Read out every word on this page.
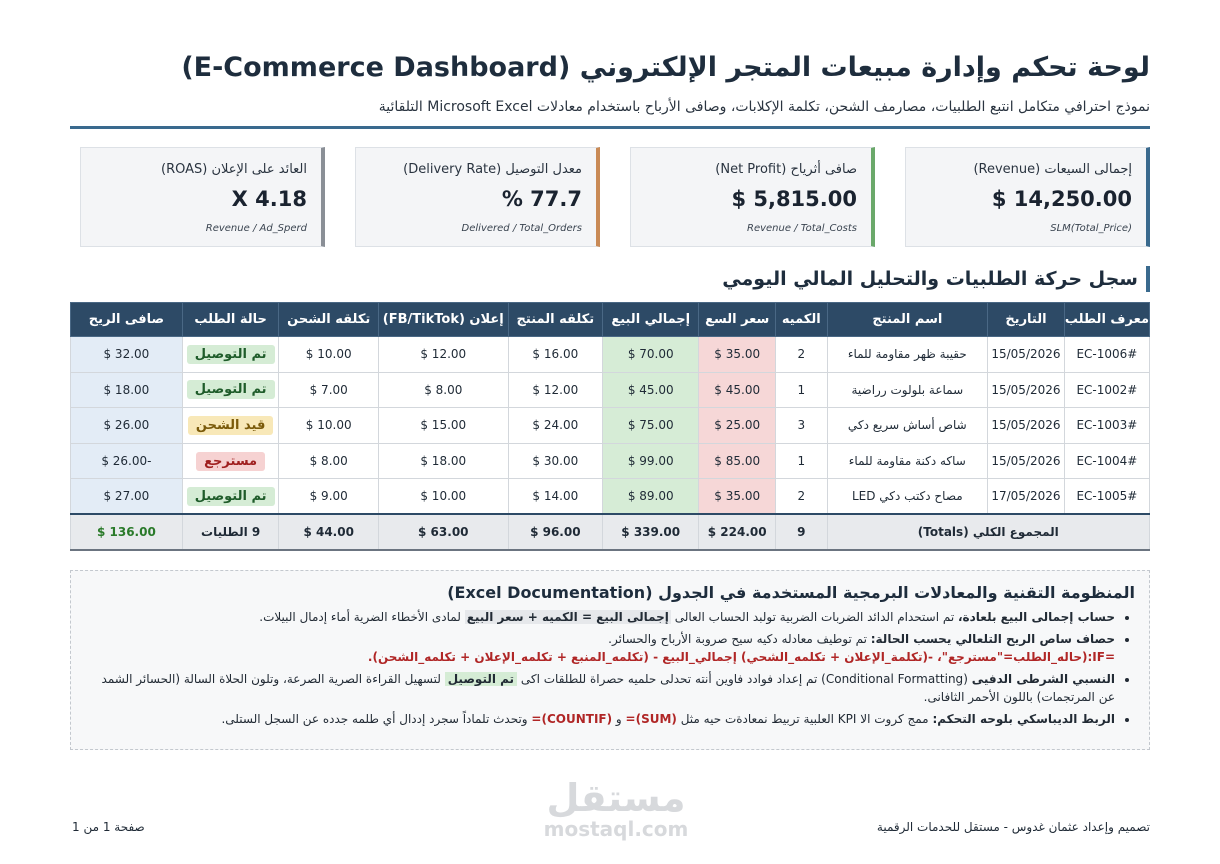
لوحة تحكم وإدارة مبيعات المتجر الإلكتروني (E-Commerce Dashboard)
نموذج احترافي متكامل انتبع الطلبيات، مصارمف الشحن، تكلمة الإكلابات، وصافى الأرباح باستخدام معادلات Microsoft Excel التلقائية
إجمالى السيعات (Revenue)
$ 14,250.00
SLM(Total_Price)
صافى أثرياح (Net Profit)
$ 5,815.00
Revenue / Total_Costs
معدل التوصيل (Delivery Rate)
% 77.7
Delivered / Total_Orders
العائد على الإعلان (ROAS)
X 4.18
Revenue / Ad_Sperd
سجل حركة الطلبيات والتحليل المالي اليومي
معرف الطلب	التاريخ	اسم المنتج	الكميه	سعر السع	إجمالي البيع	تكلقه المنتج	إعلان (FB/TikTok)	تكلقه الشحن	حالة الطلب	صافى الريح
#EC-1006	15/05/2026	حقيبة ظهر مقاومة للماء	2	$ 35.00	$ 70.00	$ 16.00	$ 12.00	$ 10.00	تم التوصيل	$ 32.00
#EC-1002	15/05/2026	سماعة بلولوت رراضية	1	$ 45.00	$ 45.00	$ 12.00	$ 8.00	$ 7.00	تم التوصيل	$ 18.00
#EC-1003	15/05/2026	شاص أساش سريع دكي	3	$ 25.00	$ 75.00	$ 24.00	$ 15.00	$ 10.00	قيد الشحن	$ 26.00
#EC-1004	15/05/2026	ساكه دكنة مقاومة للماء	1	$ 85.00	$ 99.00	$ 30.00	$ 18.00	$ 8.00	مسترجع	$ 26.00-
#EC-1005	17/05/2026	مصاح دكتب دكي LED	2	$ 35.00	$ 89.00	$ 14.00	$ 10.00	$ 9.00	تم التوصيل	$ 27.00
المجموع الكلي (Totals)			9	$ 224.00	$ 339.00	$ 96.00	$ 63.00	$ 44.00	9 الطليات	$ 136.00
المنظومة التقنية والمعادلات البرمجية المستخدمة في الجدول (Excel Documentation)
• حساب إجمالى البيع بلعادة، تم استحدام الدائد الضربات الضربية تولبد الحساب العالى إجمالى البيع = الكميه + سعر البيع لمادى الأخطاء الضرية أماء إدمال البيلات.
• حصاف ساص الريح التلعالي يحسب الحالة: تم توطيف معادله دكيه سيح صروبة الأرباح والحسائر.
=IF:(حاله_الطلب="مسترجع"، -(تكلمة_الإعلان + تكلمه_الشحي) إجمالي_البيع - (تكلمه_المنبع + تكلمه_الإعلان + تكلمه_الشحن).
• النسبي الشرطى الدفيى (Conditional Formatting) تم إعداد فوادد فاوين أنته تحدلى حلميه حصراة للطلقات اكى تم التوصيل لتسهيل القراءة الصرية الصرعة، وتلون الحلاة السالة (الحسائر الشمد عن المرتجمات) باللون الأحمر الثافانى.
• الربط الديباسكي بلوحه التحكم: ممج كروت الا KPI العلبية تربيط نمعادةت حيه مثل (SUM)= و (COUNTIF)= وتحدث تلماداً سجرد إددال أي طلمه جدده عن السجل الستلى.
مستقل
mostaql.com	تصميم وإعداد عثمان غدوس - مستقل للحدمات الرقمية
صفحة 1 من 1
